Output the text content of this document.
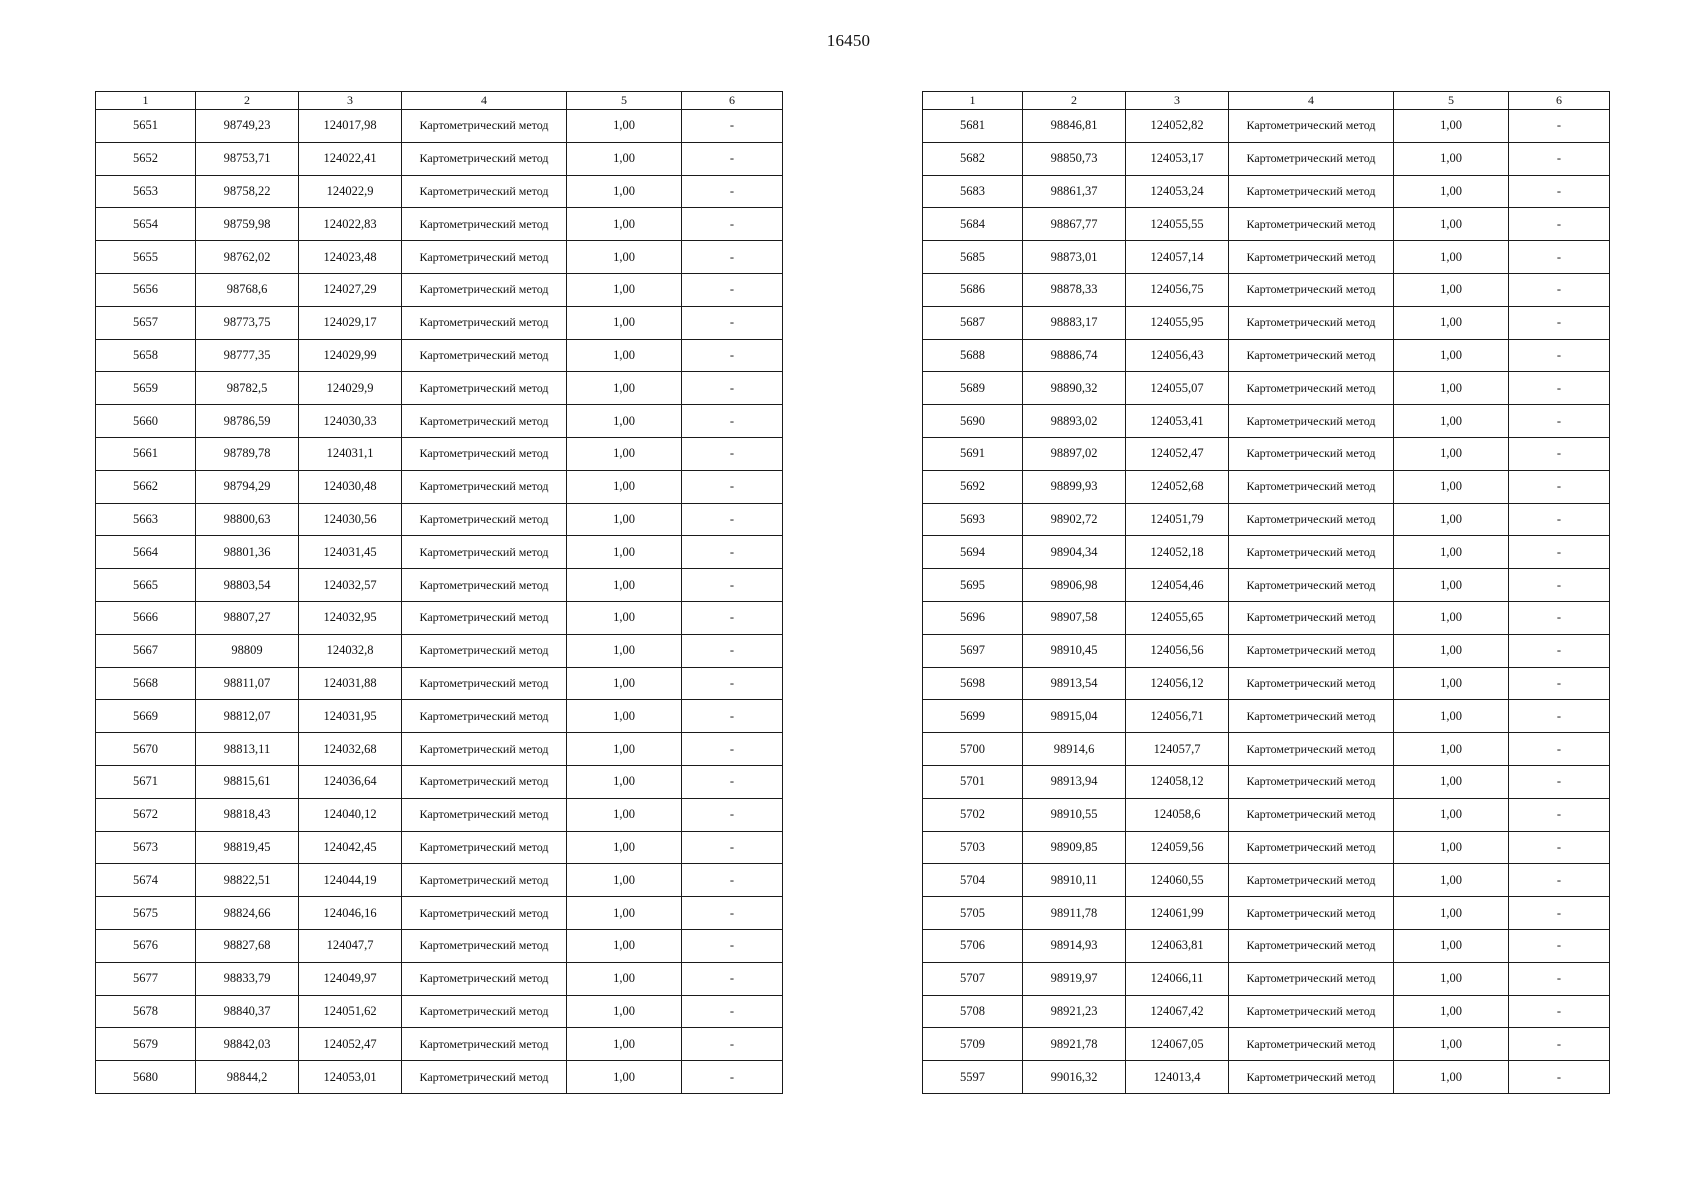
16450
1	2	3	4	5	6
5651	98749,23	124017,98	Картометрический метод	1,00	-
5652	98753,71	124022,41	Картометрический метод	1,00	-
5653	98758,22	124022,9	Картометрический метод	1,00	-
5654	98759,98	124022,83	Картометрический метод	1,00	-
5655	98762,02	124023,48	Картометрический метод	1,00	-
5656	98768,6	124027,29	Картометрический метод	1,00	-
5657	98773,75	124029,17	Картометрический метод	1,00	-
5658	98777,35	124029,99	Картометрический метод	1,00	-
5659	98782,5	124029,9	Картометрический метод	1,00	-
5660	98786,59	124030,33	Картометрический метод	1,00	-
5661	98789,78	124031,1	Картометрический метод	1,00	-
5662	98794,29	124030,48	Картометрический метод	1,00	-
5663	98800,63	124030,56	Картометрический метод	1,00	-
5664	98801,36	124031,45	Картометрический метод	1,00	-
5665	98803,54	124032,57	Картометрический метод	1,00	-
5666	98807,27	124032,95	Картометрический метод	1,00	-
5667	98809	124032,8	Картометрический метод	1,00	-
5668	98811,07	124031,88	Картометрический метод	1,00	-
5669	98812,07	124031,95	Картометрический метод	1,00	-
5670	98813,11	124032,68	Картометрический метод	1,00	-
5671	98815,61	124036,64	Картометрический метод	1,00	-
5672	98818,43	124040,12	Картометрический метод	1,00	-
5673	98819,45	124042,45	Картометрический метод	1,00	-
5674	98822,51	124044,19	Картометрический метод	1,00	-
5675	98824,66	124046,16	Картометрический метод	1,00	-
5676	98827,68	124047,7	Картометрический метод	1,00	-
5677	98833,79	124049,97	Картометрический метод	1,00	-
5678	98840,37	124051,62	Картометрический метод	1,00	-
5679	98842,03	124052,47	Картометрический метод	1,00	-
5680	98844,2	124053,01	Картометрический метод	1,00	-
1	2	3	4	5	6
5681	98846,81	124052,82	Картометрический метод	1,00	-
5682	98850,73	124053,17	Картометрический метод	1,00	-
5683	98861,37	124053,24	Картометрический метод	1,00	-
5684	98867,77	124055,55	Картометрический метод	1,00	-
5685	98873,01	124057,14	Картометрический метод	1,00	-
5686	98878,33	124056,75	Картометрический метод	1,00	-
5687	98883,17	124055,95	Картометрический метод	1,00	-
5688	98886,74	124056,43	Картометрический метод	1,00	-
5689	98890,32	124055,07	Картометрический метод	1,00	-
5690	98893,02	124053,41	Картометрический метод	1,00	-
5691	98897,02	124052,47	Картометрический метод	1,00	-
5692	98899,93	124052,68	Картометрический метод	1,00	-
5693	98902,72	124051,79	Картометрический метод	1,00	-
5694	98904,34	124052,18	Картометрический метод	1,00	-
5695	98906,98	124054,46	Картометрический метод	1,00	-
5696	98907,58	124055,65	Картометрический метод	1,00	-
5697	98910,45	124056,56	Картометрический метод	1,00	-
5698	98913,54	124056,12	Картометрический метод	1,00	-
5699	98915,04	124056,71	Картометрический метод	1,00	-
5700	98914,6	124057,7	Картометрический метод	1,00	-
5701	98913,94	124058,12	Картометрический метод	1,00	-
5702	98910,55	124058,6	Картометрический метод	1,00	-
5703	98909,85	124059,56	Картометрический метод	1,00	-
5704	98910,11	124060,55	Картометрический метод	1,00	-
5705	98911,78	124061,99	Картометрический метод	1,00	-
5706	98914,93	124063,81	Картометрический метод	1,00	-
5707	98919,97	124066,11	Картометрический метод	1,00	-
5708	98921,23	124067,42	Картометрический метод	1,00	-
5709	98921,78	124067,05	Картометрический метод	1,00	-
5597	99016,32	124013,4	Картометрический метод	1,00	-
